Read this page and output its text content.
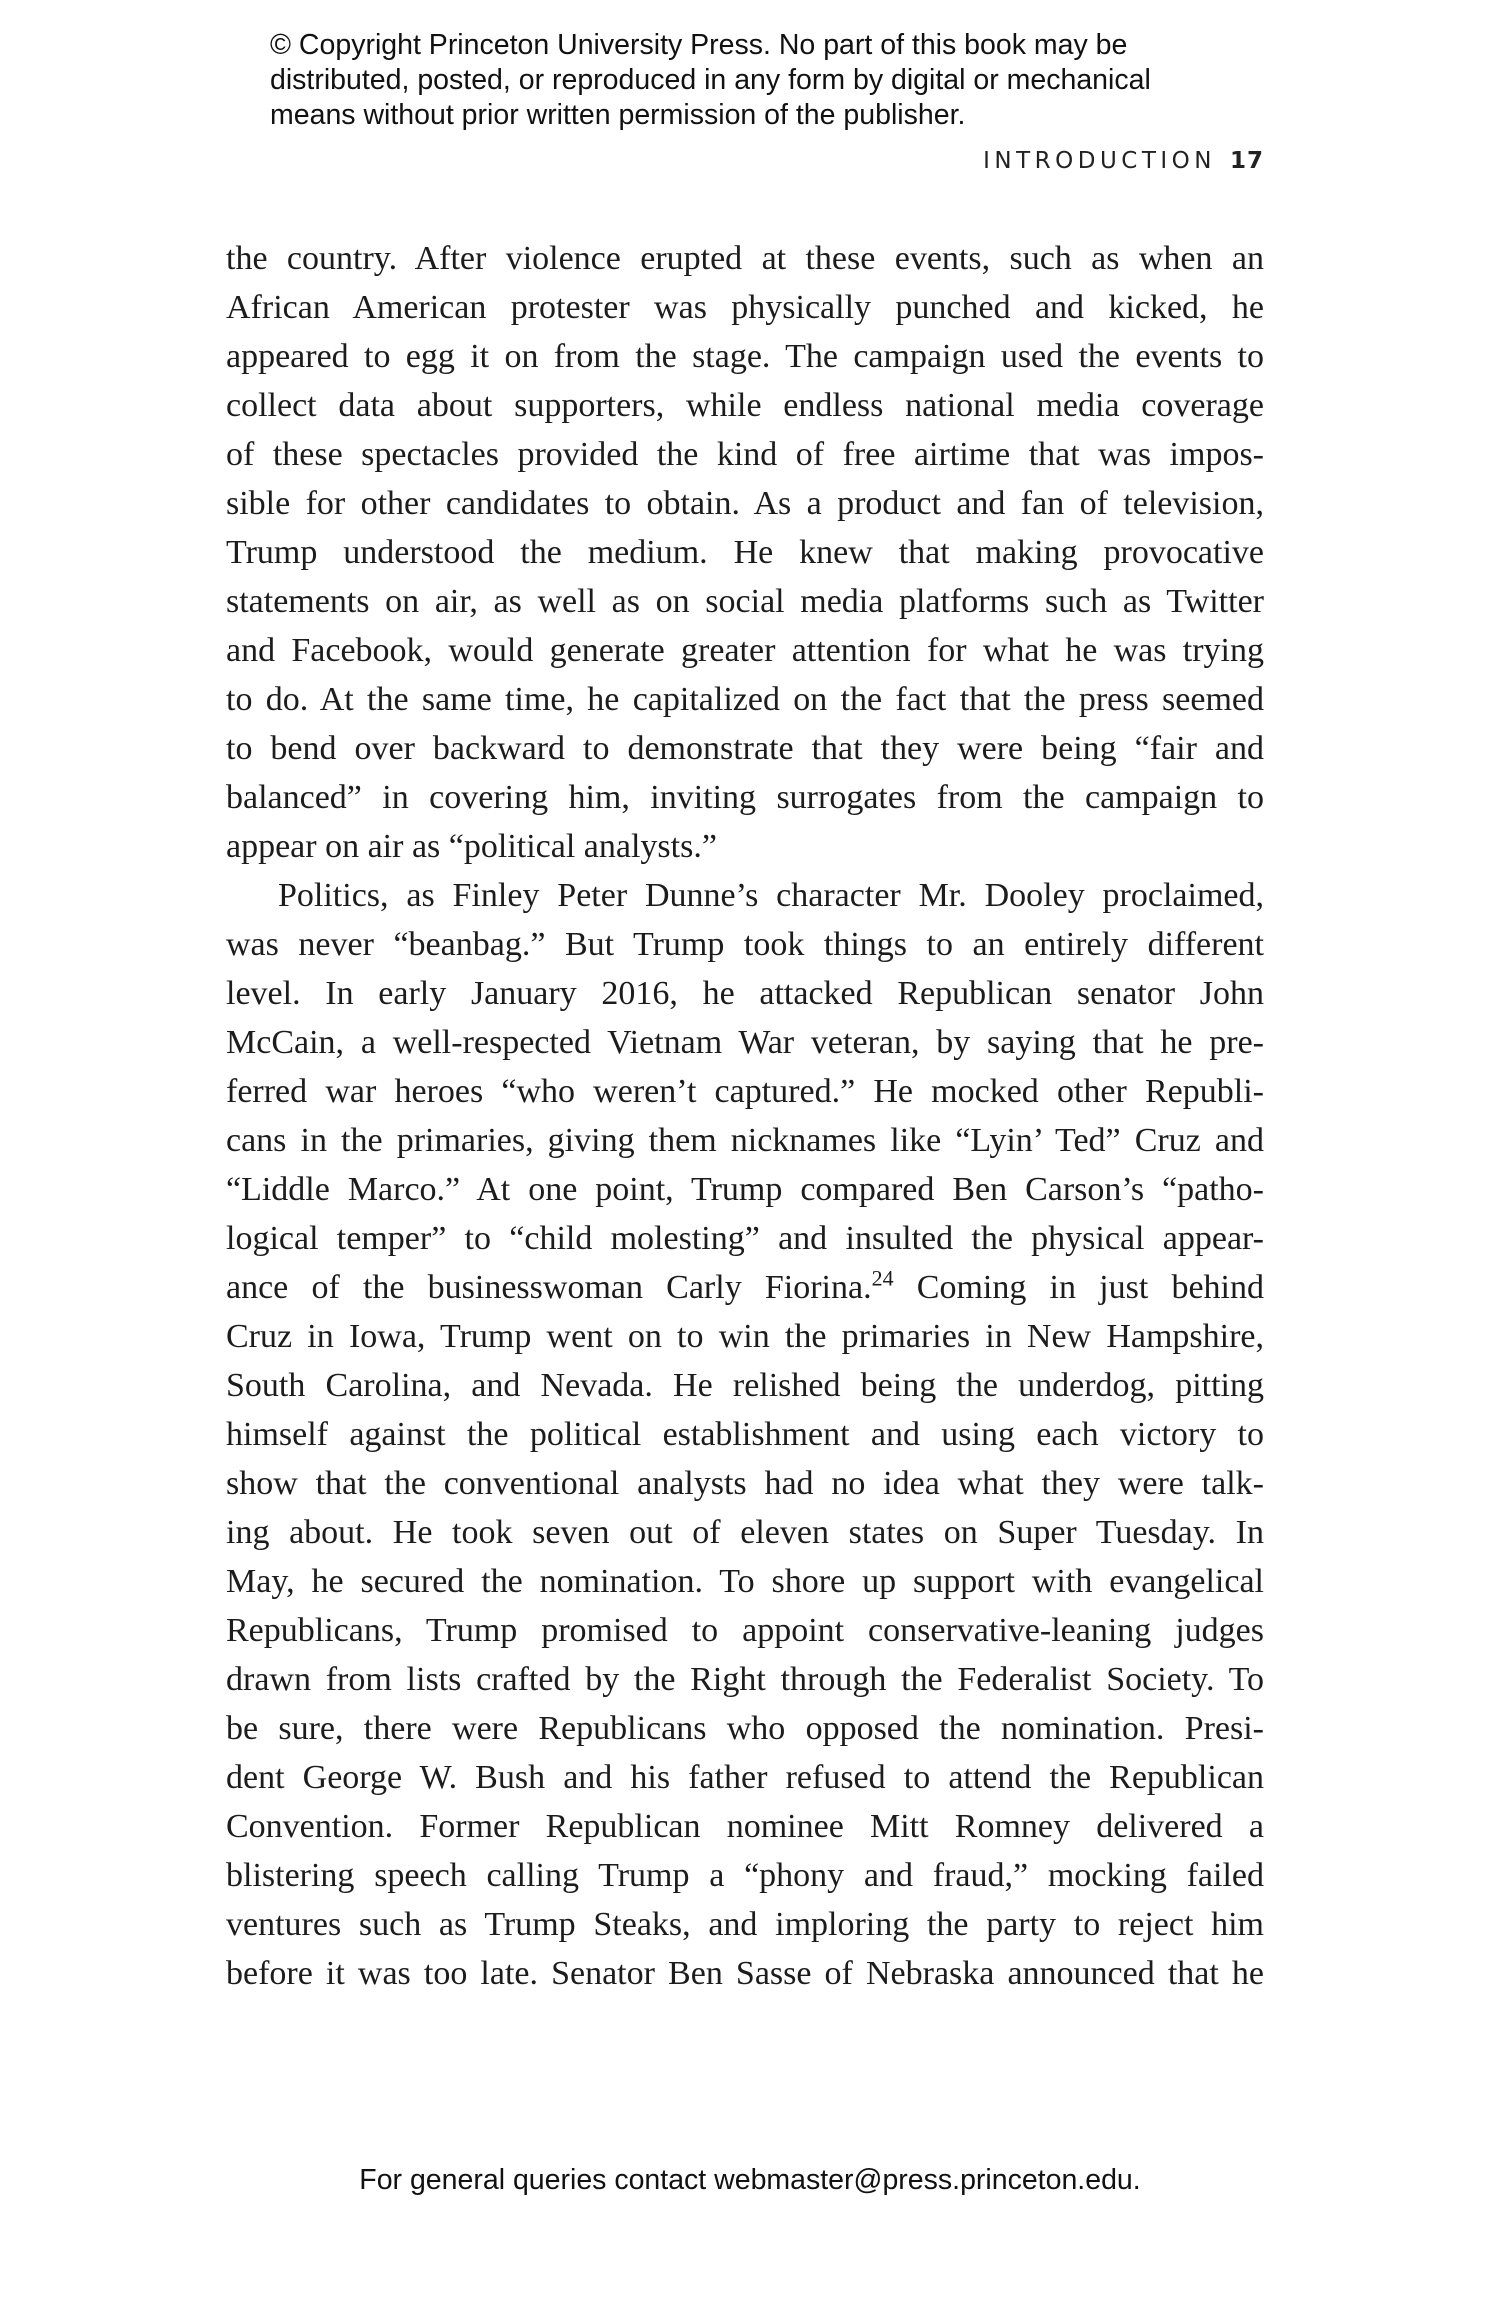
© Copyright Princeton University Press. No part of this book may be
distributed, posted, or reproduced in any form by digital or mechanical
means without prior written permission of the publisher.
INTRODUCTION 17
the country. After violence erupted at these events, such as when an
African American protester was physically punched and kicked, he
appeared to egg it on from the stage. The campaign used the events to
collect data about supporters, while endless national media coverage
of these spectacles provided the kind of free airtime that was impos-
sible for other candidates to obtain. As a product and fan of television,
Trump understood the medium. He knew that making provocative
statements on air, as well as on social media platforms such as Twitter
and Facebook, would generate greater attention for what he was trying
to do. At the same time, he capitalized on the fact that the press seemed
to bend over backward to demonstrate that they were being “fair and
balanced” in covering him, inviting surrogates from the campaign to
appear on air as “political analysts.”
Politics, as Finley Peter Dunne’s character Mr. Dooley proclaimed,
was never “beanbag.” But Trump took things to an entirely different
level. In early January 2016, he attacked Republican senator John
McCain, a well-respected Vietnam War veteran, by saying that he pre-
ferred war heroes “who weren’t captured.” He mocked other Republi-
cans in the primaries, giving them nicknames like “Lyin’ Ted” Cruz and
“Liddle Marco.” At one point, Trump compared Ben Carson’s “patho-
logical temper” to “child molesting” and insulted the physical appear-
ance of the businesswoman Carly Fiorina.$^{24}$ Coming in just behind
Cruz in Iowa, Trump went on to win the primaries in New Hampshire,
South Carolina, and Nevada. He relished being the underdog, pitting
himself against the political establishment and using each victory to
show that the conventional analysts had no idea what they were talk-
ing about. He took seven out of eleven states on Super Tuesday. In
May, he secured the nomination. To shore up support with evangelical
Republicans, Trump promised to appoint conservative-leaning judges
drawn from lists crafted by the Right through the Federalist Society. To
be sure, there were Republicans who opposed the nomination. Presi-
dent George W. Bush and his father refused to attend the Republican
Convention. Former Republican nominee Mitt Romney delivered a
blistering speech calling Trump a “phony and fraud,” mocking failed
ventures such as Trump Steaks, and imploring the party to reject him
before it was too late. Senator Ben Sasse of Nebraska announced that he
For general queries contact webmaster@press.princeton.edu.
